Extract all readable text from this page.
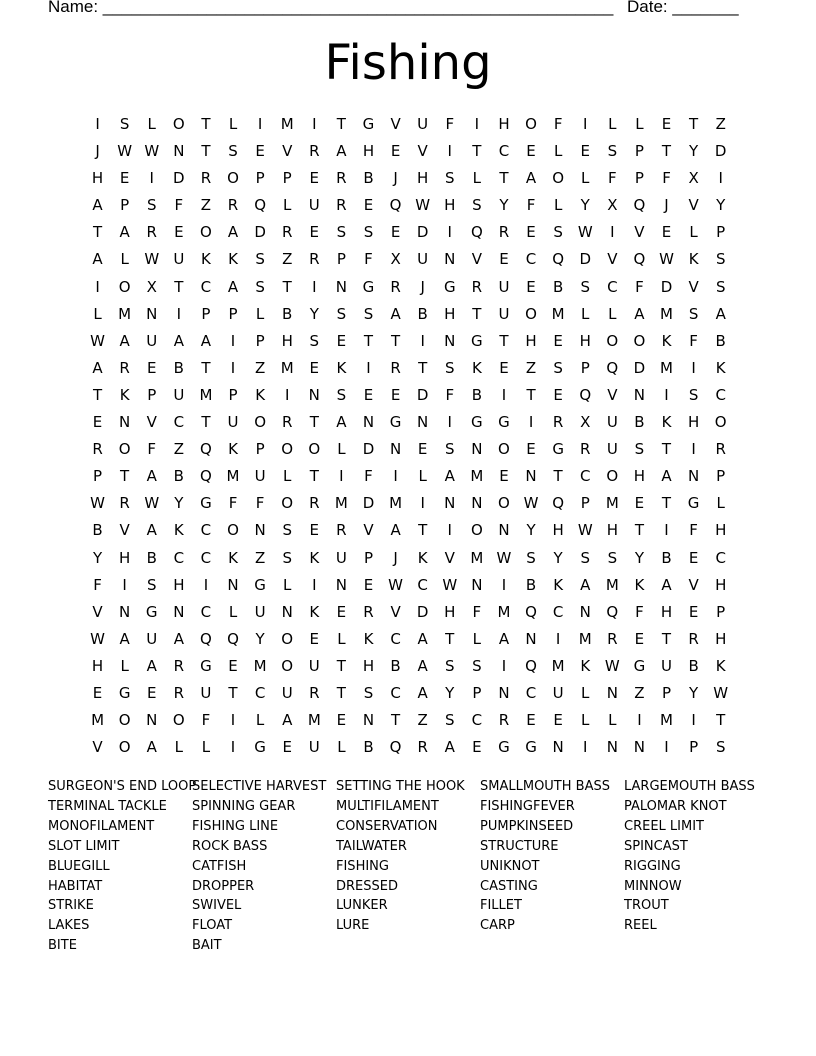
Name: ______________________________________________________ Date: _______
Fishing
I	S	L	O	T	L	I	M	I	T	G	V	U	F	I	H	O	F	I	L	L	E	T	Z
J	W W N	T	S	E	V	R	A	H	E	V	I	T	C	E	L	E	S	P	T	Y	D
H	E	I	D	R	O	P	P	E	R	B	J	H	S	L	T	A	O	L	F	P	F	X	I
A	P	S	F	Z	R	Q	L	U	R	E	Q W H	S	Y	F	L	Y	X	Q	J	V	Y
T	A	R	E	O	A	D	R	E	S	S	E	D	I	Q	R	E	S W	I	V	E	L	P
A	L	W U	K	K	S	Z	R	P	F	X	U	N	V	E	C	Q	D	V	Q W K	S
I	O	X	T	C	A	S	T	I	N	G	R	J	G	R	U	E	B	S	C	F	D	V	S
L	M	N	I	P	P	L	B	Y	S	S	A	B	H	T	U	O M	L	L	A	M	S	A
W A	U	A	A	I	P	H	S	E	T	T	I	N	G	T	H	E	H	O	O	K	F	B
A	R	E	B	T	I	Z	M	E	K	I	R	T	S	K	E	Z	S	P	Q	D M	I	K
T	K	P	U	M	P	K	I	N	S	E	E	D	F	B	I	T	E	Q	V	N	I	S	C
E	N	V	C	T	U	O	R	T	A	N	G	N	I	G	G	I	R	X	U	B	K	H	O
R	O	F	Z	Q	K	P	O	O	L	D	N	E	S	N	O	E	G	R	U	S	T	I	R
P	T	A	B	Q M	U	L	T	I	F	I	L	A	M	E	N	T	C	O	H	A	N	P
W R W	Y	G	F	F	O	R	M D M	I	N	N	O W Q	P	M	E	T	G	L
B	V	A	K	C	O	N	S	E	R	V	A	T	I	O	N	Y	H W H	T	I	F	H
Y	H	B	C	C	K	Z	S	K	U	P	J	K	V	M W S	Y	S	S	Y	B	E	C
F	I	S	H	I	N	G	L	I	N	E W C W N	I	B	K	A	M	K	A	V	H
V	N	G	N	C	L	U	N	K	E	R	V	D	H	F	M Q	C	N	Q	F	H	E	P
W A	U	A	Q	Q	Y	O	E	L	K	C	A	T	L	A	N	I	M	R	E	T	R	H
H	L	A	R	G	E	M O	U	T	H	B	A	S	S	I	Q M	K W G	U	B	K
E	G	E	R	U	T	C	U	R	T	S	C	A	Y	P	N	C	U	L	N	Z	P	Y	W
M O	N	O	F	I	L	A	M	E	N	T	Z	S	C	R	E	E	L	L	I	M	I	T
V	O	A	L	L	I	G	E	U	L	B	Q	R	A	E	G	G	N	I	N	N	I	P	S
SURGEON'S END LOOP
TERMINAL TACKLE
MONOFILAMENT
SLOT LIMIT
BLUEGILL
HABITAT
STRIKE
LAKES
BITE
SELECTIVE HARVEST
SPINNING GEAR
FISHING LINE
ROCK BASS
CATFISH
DROPPER
SWIVEL
FLOAT
BAIT
SETTING THE HOOK
MULTIFILAMENT
CONSERVATION
TAILWATER
FISHING
DRESSED
LUNKER
LURE
SMALLMOUTH BASS
FISHINGFEVER
PUMPKINSEED
STRUCTURE
UNIKNOT
CASTING
FILLET
CARP
LARGEMOUTH BASS
PALOMAR KNOT
CREEL LIMIT
SPINCAST
RIGGING
MINNOW
TROUT
REEL
